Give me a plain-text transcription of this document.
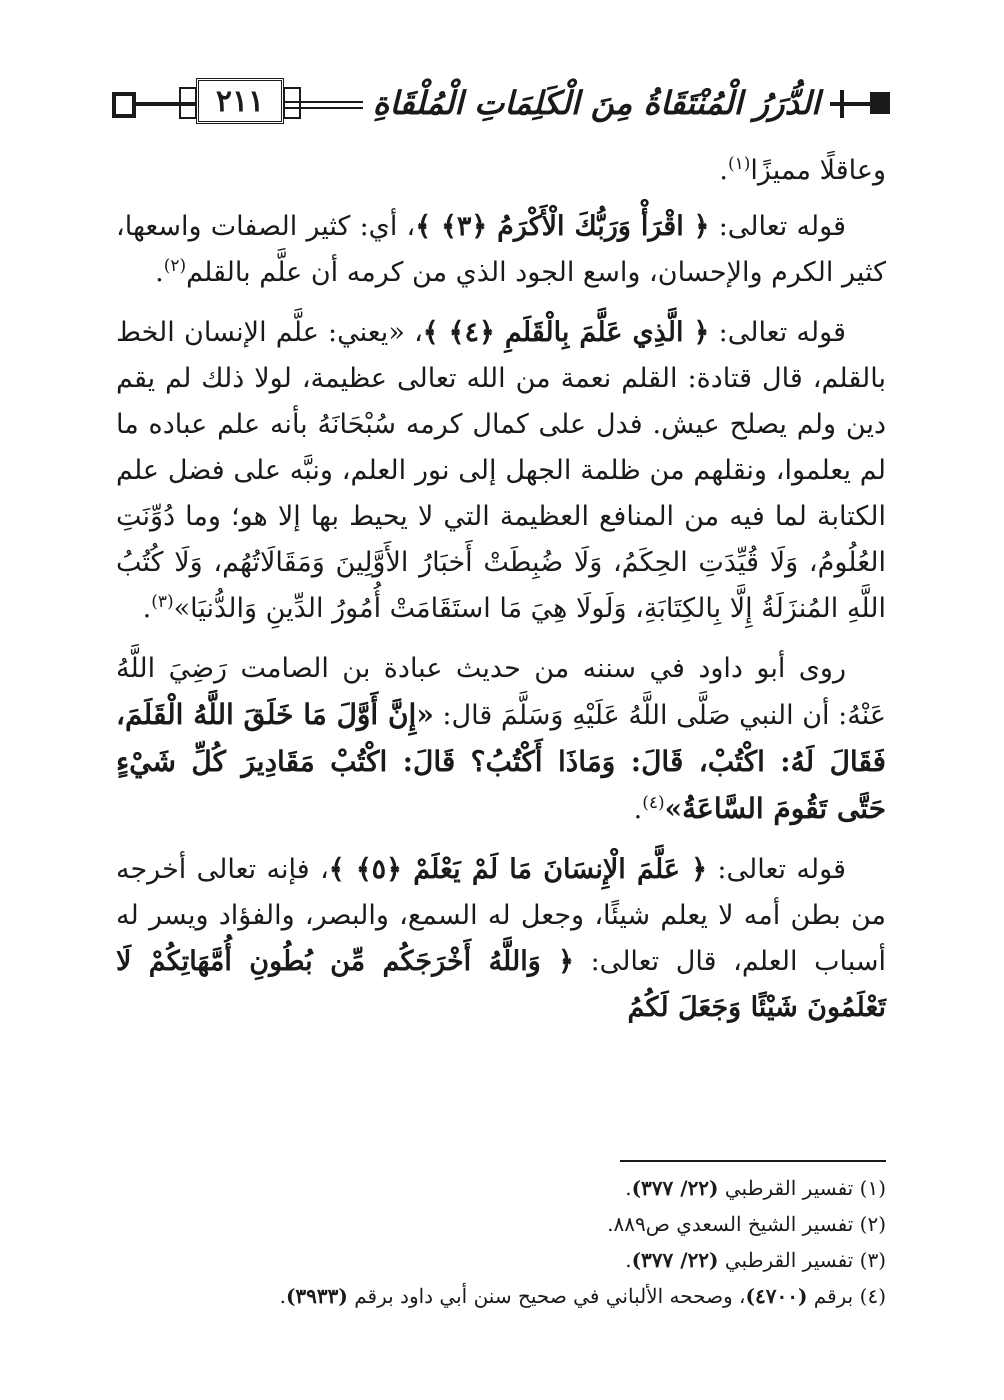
الدُّرَرُ الْمُنْتَقَاةُ مِنَ الْكَلِمَاتِ الْمُلْقَاةِ
٢١١

وعاقلًا مميزًا$^{(١)}$.

قوله تعالى: ﴿ اقْرَأْ وَرَبُّكَ الْأَكْرَمُ ﴿٣﴾ ﴾، أي: كثير الصفات واسعها، كثير الكرم والإحسان، واسع الجود الذي من كرمه أن علَّم بالقلم$^{(٢)}$.

قوله تعالى: ﴿ الَّذِي عَلَّمَ بِالْقَلَمِ ﴿٤﴾ ﴾، «يعني: علَّم الإنسان الخط بالقلم، قال قتادة: القلم نعمة من الله تعالى عظيمة، لولا ذلك لم يقم دين ولم يصلح عيش. فدل على كمال كرمه سُبْحَانَهُ بأنه علم عباده ما لم يعلموا، ونقلهم من ظلمة الجهل إلى نور العلم، ونبَّه على فضل علم الكتابة لما فيه من المنافع العظيمة التي لا يحيط بها إلا هو؛ وما دُوِّنَتِ العُلُومُ، وَلَا قُيِّدَتِ الحِكَمُ، وَلَا ضُبِطَتْ أَخبَارُ الأَوَّلِينَ وَمَقَالَاتُهُم، وَلَا كُتُبُ اللَّهِ المُنزَلَةُ إِلَّا بِالكِتَابَةِ، وَلَولَا هِيَ مَا استَقَامَتْ أُمُورُ الدِّينِ وَالدُّنيَا»$^{(٣)}$.

روى أبو داود في سننه من حديث عبادة بن الصامت رَضِيَ اللَّهُ عَنْهُ: أن النبي صَلَّى اللَّهُ عَلَيْهِ وَسَلَّمَ قال: «إِنَّ أَوَّلَ مَا خَلَقَ اللَّهُ الْقَلَمَ، فَقَالَ لَهُ: اكْتُبْ، قَالَ: وَمَاذَا أَكْتُبُ؟ قَالَ: اكْتُبْ مَقَادِيرَ كُلِّ شَيْءٍ حَتَّى تَقُومَ السَّاعَةُ»$^{(٤)}$.

قوله تعالى: ﴿ عَلَّمَ الْإِنسَانَ مَا لَمْ يَعْلَمْ ﴿٥﴾ ﴾، فإنه تعالى أخرجه من بطن أمه لا يعلم شيئًا، وجعل له السمع، والبصر، والفؤاد ويسر له أسباب العلم، قال تعالى: ﴿ وَاللَّهُ أَخْرَجَكُم مِّن بُطُونِ أُمَّهَاتِكُمْ لَا تَعْلَمُونَ شَيْئًا وَجَعَلَ لَكُمُ

(١) تفسير القرطبي (٢٢/ ٣٧٧).

(٢) تفسير الشيخ السعدي ص٨٨٩.

(٣) تفسير القرطبي (٢٢/ ٣٧٧).

(٤) برقم (٤٧٠٠)، وصححه الألباني في صحيح سنن أبي داود برقم (٣٩٣٣).
